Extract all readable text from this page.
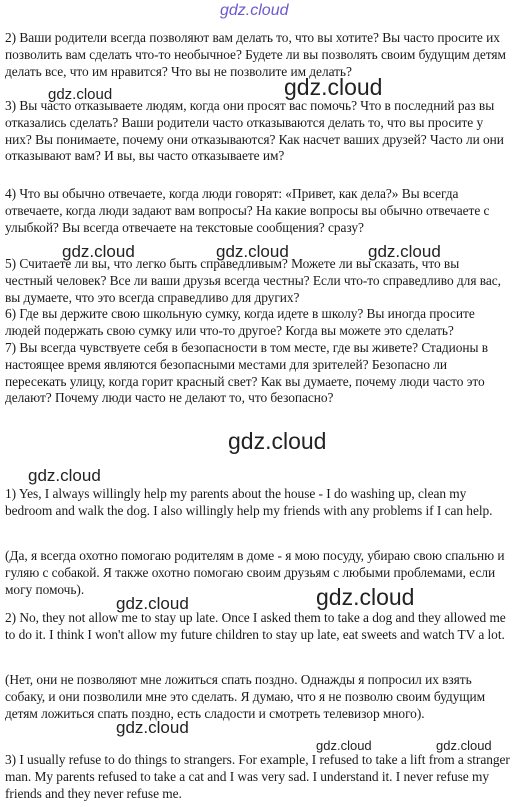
2) Ваши родители всегда позволяют вам делать то, что вы хотите? Вы часто просите их позволить вам сделать что-то необычное? Будете ли вы позволять своим будущим детям делать все, что им нравится? Что вы не позволите им делать?

3) Вы часто отказываете людям, когда они просят вас помочь? Что в последний раз вы отказались сделать? Ваши родители часто отказываются делать то, что вы просите у них? Вы понимаете, почему они отказываются? Как насчет ваших друзей? Часто ли они отказывают вам? И вы, вы часто отказываете им?

4) Что вы обычно отвечаете, когда люди говорят: «Привет, как дела?» Вы всегда отвечаете, когда люди задают вам вопросы? На какие вопросы вы обычно отвечаете с улыбкой? Вы всегда отвечаете на текстовые сообщения? сразу?

5) Считаете ли вы, что легко быть справедливым? Можете ли вы сказать, что вы честный человек? Все ли ваши друзья всегда честны? Если что-то справедливо для вас, вы думаете, что это всегда справедливо для других?

6) Где вы держите свою школьную сумку, когда идете в школу? Вы иногда просите людей подержать свою сумку или что-то другое? Когда вы можете это сделать?

7) Вы всегда чувствуете себя в безопасности в том месте, где вы живете? Стадионы в настоящее время являются безопасными местами для зрителей? Безопасно ли пересекать улицу, когда горит красный свет? Как вы думаете, почему люди часто это делают? Почему люди часто не делают то, что безопасно?

1) Yes, I always willingly help my parents about the house - I do washing up, clean my bedroom and walk the dog. I also willingly help my friends with any problems if I can help.

(Да, я всегда охотно помогаю родителям в доме - я мою посуду, убираю свою спальню и гуляю с собакой. Я также охотно помогаю своим друзьям с любыми проблемами, если могу помочь).

2) No, they not allow me to stay up late. Once I asked them to take a dog and they allowed me to do it. I think I won't allow my future children to stay up late, eat sweets and watch TV a lot.

(Нет, они не позволяют мне ложиться спать поздно. Однажды я попросил их взять собаку, и они позволили мне это сделать. Я думаю, что я не позволю своим будущим детям ложиться спать поздно, есть сладости и смотреть телевизор много).

3) I usually refuse to do things to strangers. For example, I refused to take a lift from a stranger man. My parents refused to take a cat and I was very sad. I understand it. I never refuse my friends and they never refuse me.

gdz.cloud
gdz.cloud	gdz.cloud
gdz.cloud	gdz.cloud	gdz.cloud
gdz.cloud
gdz.cloud
gdz.cloud	gdz.cloud
gdz.cloud
gdz.cloud	gdz.cloud
